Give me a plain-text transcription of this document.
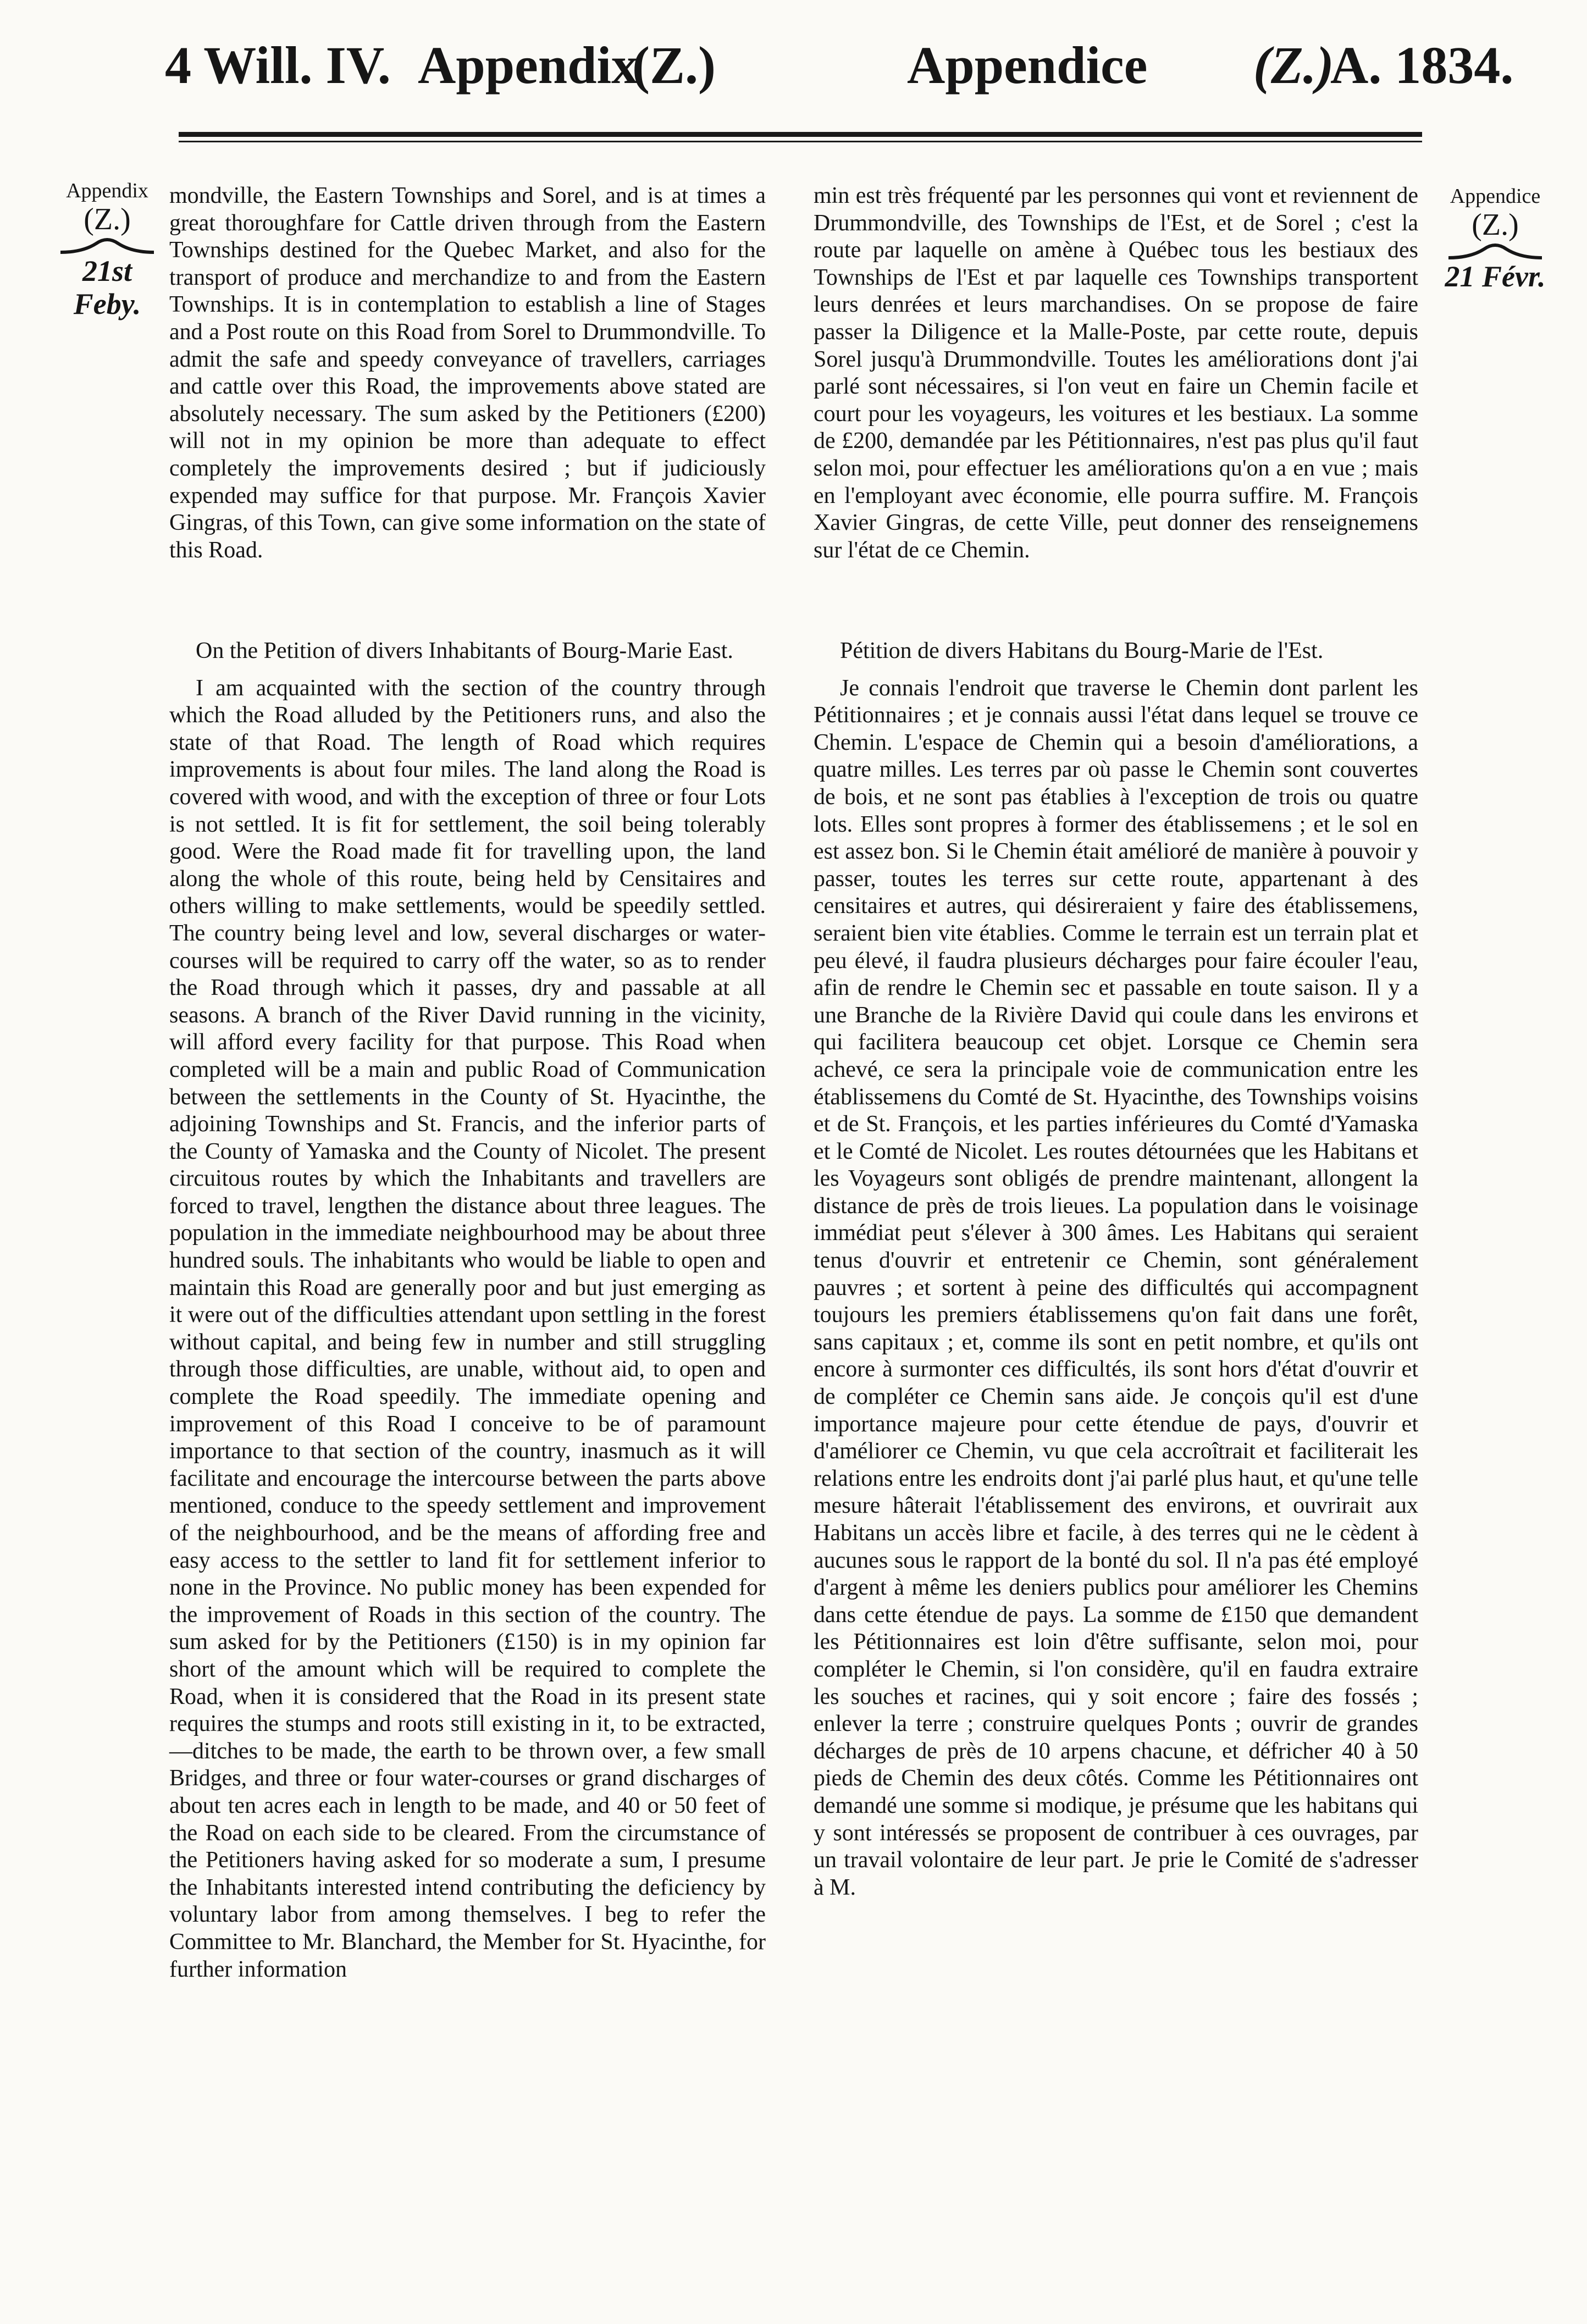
4 Will. IV. Appendix
(Z.)	Appendice (Z.)
A. 1834.
Appendix
(Z.)
21st Feby.
Appendice
(Z.)
21 Févr.

mondville, the Eastern Townships and Sorel, and is at times a great thoroughfare for Cattle driven through from the Eastern Townships destined for the Quebec Market, and also for the transport of produce and merchandize to and from the Eastern Townships. It is in contemplation to establish a line of Stages and a Post route on this Road from Sorel to Drummondville. To admit the safe and speedy conveyance of travellers, carriages and cattle over this Road, the improvements above stated are absolutely necessary. The sum asked by the Petitioners (£200) will not in my opinion be more than adequate to effect completely the improvements desired ; but if judiciously expended may suffice for that purpose. Mr. François Xavier Gingras, of this Town, can give some information on the state of this Road.

min est très fréquenté par les personnes qui vont et reviennent de Drummondville, des Townships de l'Est, et de Sorel ; c'est la route par laquelle on amène à Québec tous les bestiaux des Townships de l'Est et par laquelle ces Townships transportent leurs denrées et leurs marchandises. On se propose de faire passer la Diligence et la Malle-Poste, par cette route, depuis Sorel jusqu'à Drummondville. Toutes les améliorations dont j'ai parlé sont nécessaires, si l'on veut en faire un Chemin facile et court pour les voyageurs, les voitures et les bestiaux. La somme de £200, demandée par les Pétitionnaires, n'est pas plus qu'il faut selon moi, pour effectuer les améliorations qu'on a en vue ; mais en l'employant avec économie, elle pourra suffire. M. François Xavier Gingras, de cette Ville, peut donner des renseignemens sur l'état de ce Chemin.

On the Petition of divers Inhabitants of Bourg-Marie East.

I am acquainted with the section of the country through which the Road alluded by the Petitioners runs, and also the state of that Road. The length of Road which requires improvements is about four miles. The land along the Road is covered with wood, and with the exception of three or four Lots is not settled. It is fit for settlement, the soil being tolerably good. Were the Road made fit for travelling upon, the land along the whole of this route, being held by Censitaires and others willing to make settlements, would be speedily settled. The country being level and low, several discharges or water-courses will be required to carry off the water, so as to render the Road through which it passes, dry and passable at all seasons. A branch of the River David running in the vicinity, will afford every facility for that purpose. This Road when completed will be a main and public Road of Communication between the settlements in the County of St. Hyacinthe, the adjoining Townships and St. Francis, and the inferior parts of the County of Yamaska and the County of Nicolet. The present circuitous routes by which the Inhabitants and travellers are forced to travel, lengthen the distance about three leagues. The population in the immediate neighbourhood may be about three hundred souls. The inhabitants who would be liable to open and maintain this Road are generally poor and but just emerging as it were out of the difficulties attendant upon settling in the forest without capital, and being few in number and still struggling through those difficulties, are unable, without aid, to open and complete the Road speedily. The immediate opening and improvement of this Road I conceive to be of paramount importance to that section of the country, inasmuch as it will facilitate and encourage the intercourse between the parts above mentioned, conduce to the speedy settlement and improvement of the neighbourhood, and be the means of affording free and easy access to the settler to land fit for settlement inferior to none in the Province. No public money has been expended for the improvement of Roads in this section of the country. The sum asked for by the Petitioners (£150) is in my opinion far short of the amount which will be required to complete the Road, when it is considered that the Road in its present state requires the stumps and roots still existing in it, to be extracted,—ditches to be made, the earth to be thrown over, a few small Bridges, and three or four water-courses or grand discharges of about ten acres each in length to be made, and 40 or 50 feet of the Road on each side to be cleared. From the circumstance of the Petitioners having asked for so moderate a sum, I presume the Inhabitants interested intend contributing the deficiency by voluntary labor from among themselves. I beg to refer the Committee to Mr. Blanchard, the Member for St. Hyacinthe, for further information

Pétition de divers Habitans du Bourg-Marie de l'Est.

Je connais l'endroit que traverse le Chemin dont parlent les Pétitionnaires ; et je connais aussi l'état dans lequel se trouve ce Chemin. L'espace de Chemin qui a besoin d'améliorations, a quatre milles. Les terres par où passe le Chemin sont couvertes de bois, et ne sont pas établies à l'exception de trois ou quatre lots. Elles sont propres à former des établissemens ; et le sol en est assez bon. Si le Chemin était amélioré de manière à pouvoir y passer, toutes les terres sur cette route, appartenant à des censitaires et autres, qui désireraient y faire des établissemens, seraient bien vite établies. Comme le terrain est un terrain plat et peu élevé, il faudra plusieurs décharges pour faire écouler l'eau, afin de rendre le Chemin sec et passable en toute saison. Il y a une Branche de la Rivière David qui coule dans les environs et qui facilitera beaucoup cet objet. Lorsque ce Chemin sera achevé, ce sera la principale voie de communication entre les établissemens du Comté de St. Hyacinthe, des Townships voisins et de St. François, et les parties inférieures du Comté d'Yamaska et le Comté de Nicolet. Les routes détournées que les Habitans et les Voyageurs sont obligés de prendre maintenant, allongent la distance de près de trois lieues. La population dans le voisinage immédiat peut s'élever à 300 âmes. Les Habitans qui seraient tenus d'ouvrir et entretenir ce Chemin, sont généralement pauvres ; et sortent à peine des difficultés qui accompagnent toujours les premiers établissemens qu'on fait dans une forêt, sans capitaux ; et, comme ils sont en petit nombre, et qu'ils ont encore à surmonter ces difficultés, ils sont hors d'état d'ouvrir et de compléter ce Chemin sans aide. Je conçois qu'il est d'une importance majeure pour cette étendue de pays, d'ouvrir et d'améliorer ce Chemin, vu que cela accroîtrait et faciliterait les relations entre les endroits dont j'ai parlé plus haut, et qu'une telle mesure hâterait l'établissement des environs, et ouvrirait aux Habitans un accès libre et facile, à des terres qui ne le cèdent à aucunes sous le rapport de la bonté du sol. Il n'a pas été employé d'argent à même les deniers publics pour améliorer les Chemins dans cette étendue de pays. La somme de £150 que demandent les Pétitionnaires est loin d'être suffisante, selon moi, pour compléter le Chemin, si l'on considère, qu'il en faudra extraire les souches et racines, qui y soit encore ; faire des fossés ; enlever la terre ; construire quelques Ponts ; ouvrir de grandes décharges de près de 10 arpens chacune, et défricher 40 à 50 pieds de Chemin des deux côtés. Comme les Pétitionnaires ont demandé une somme si modique, je présume que les habitans qui y sont intéressés se proposent de contribuer à ces ouvrages, par un travail volontaire de leur part. Je prie le Comité de s'adresser à M.
